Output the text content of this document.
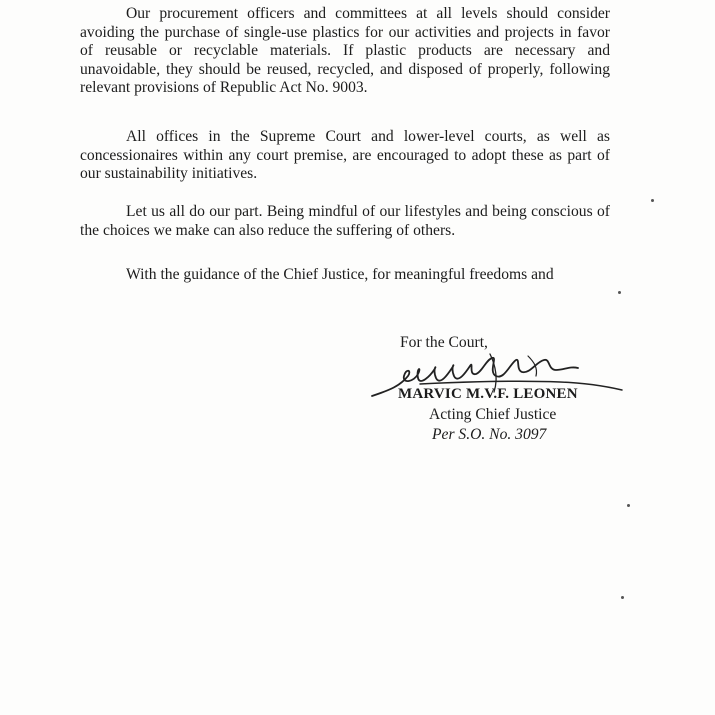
Our procurement officers and committees at all levels should consider
avoiding the purchase of single-use plastics for our activities and projects in favor
of reusable or recyclable materials. If plastic products are necessary and
unavoidable, they should be reused, recycled, and disposed of properly, following
relevant provisions of Republic Act No. 9003.
All offices in the Supreme Court and lower-level courts, as well as
concessionaires within any court premise, are encouraged to adopt these as part of
our sustainability initiatives.
Let us all do our part. Being mindful of our lifestyles and being conscious of
the choices we make can also reduce the suffering of others.
With the guidance of the Chief Justice, for meaningful freedoms and
For the Court,
MARVIC M.V.F. LEONEN
Acting Chief Justice
Per S.O. No. 3097
